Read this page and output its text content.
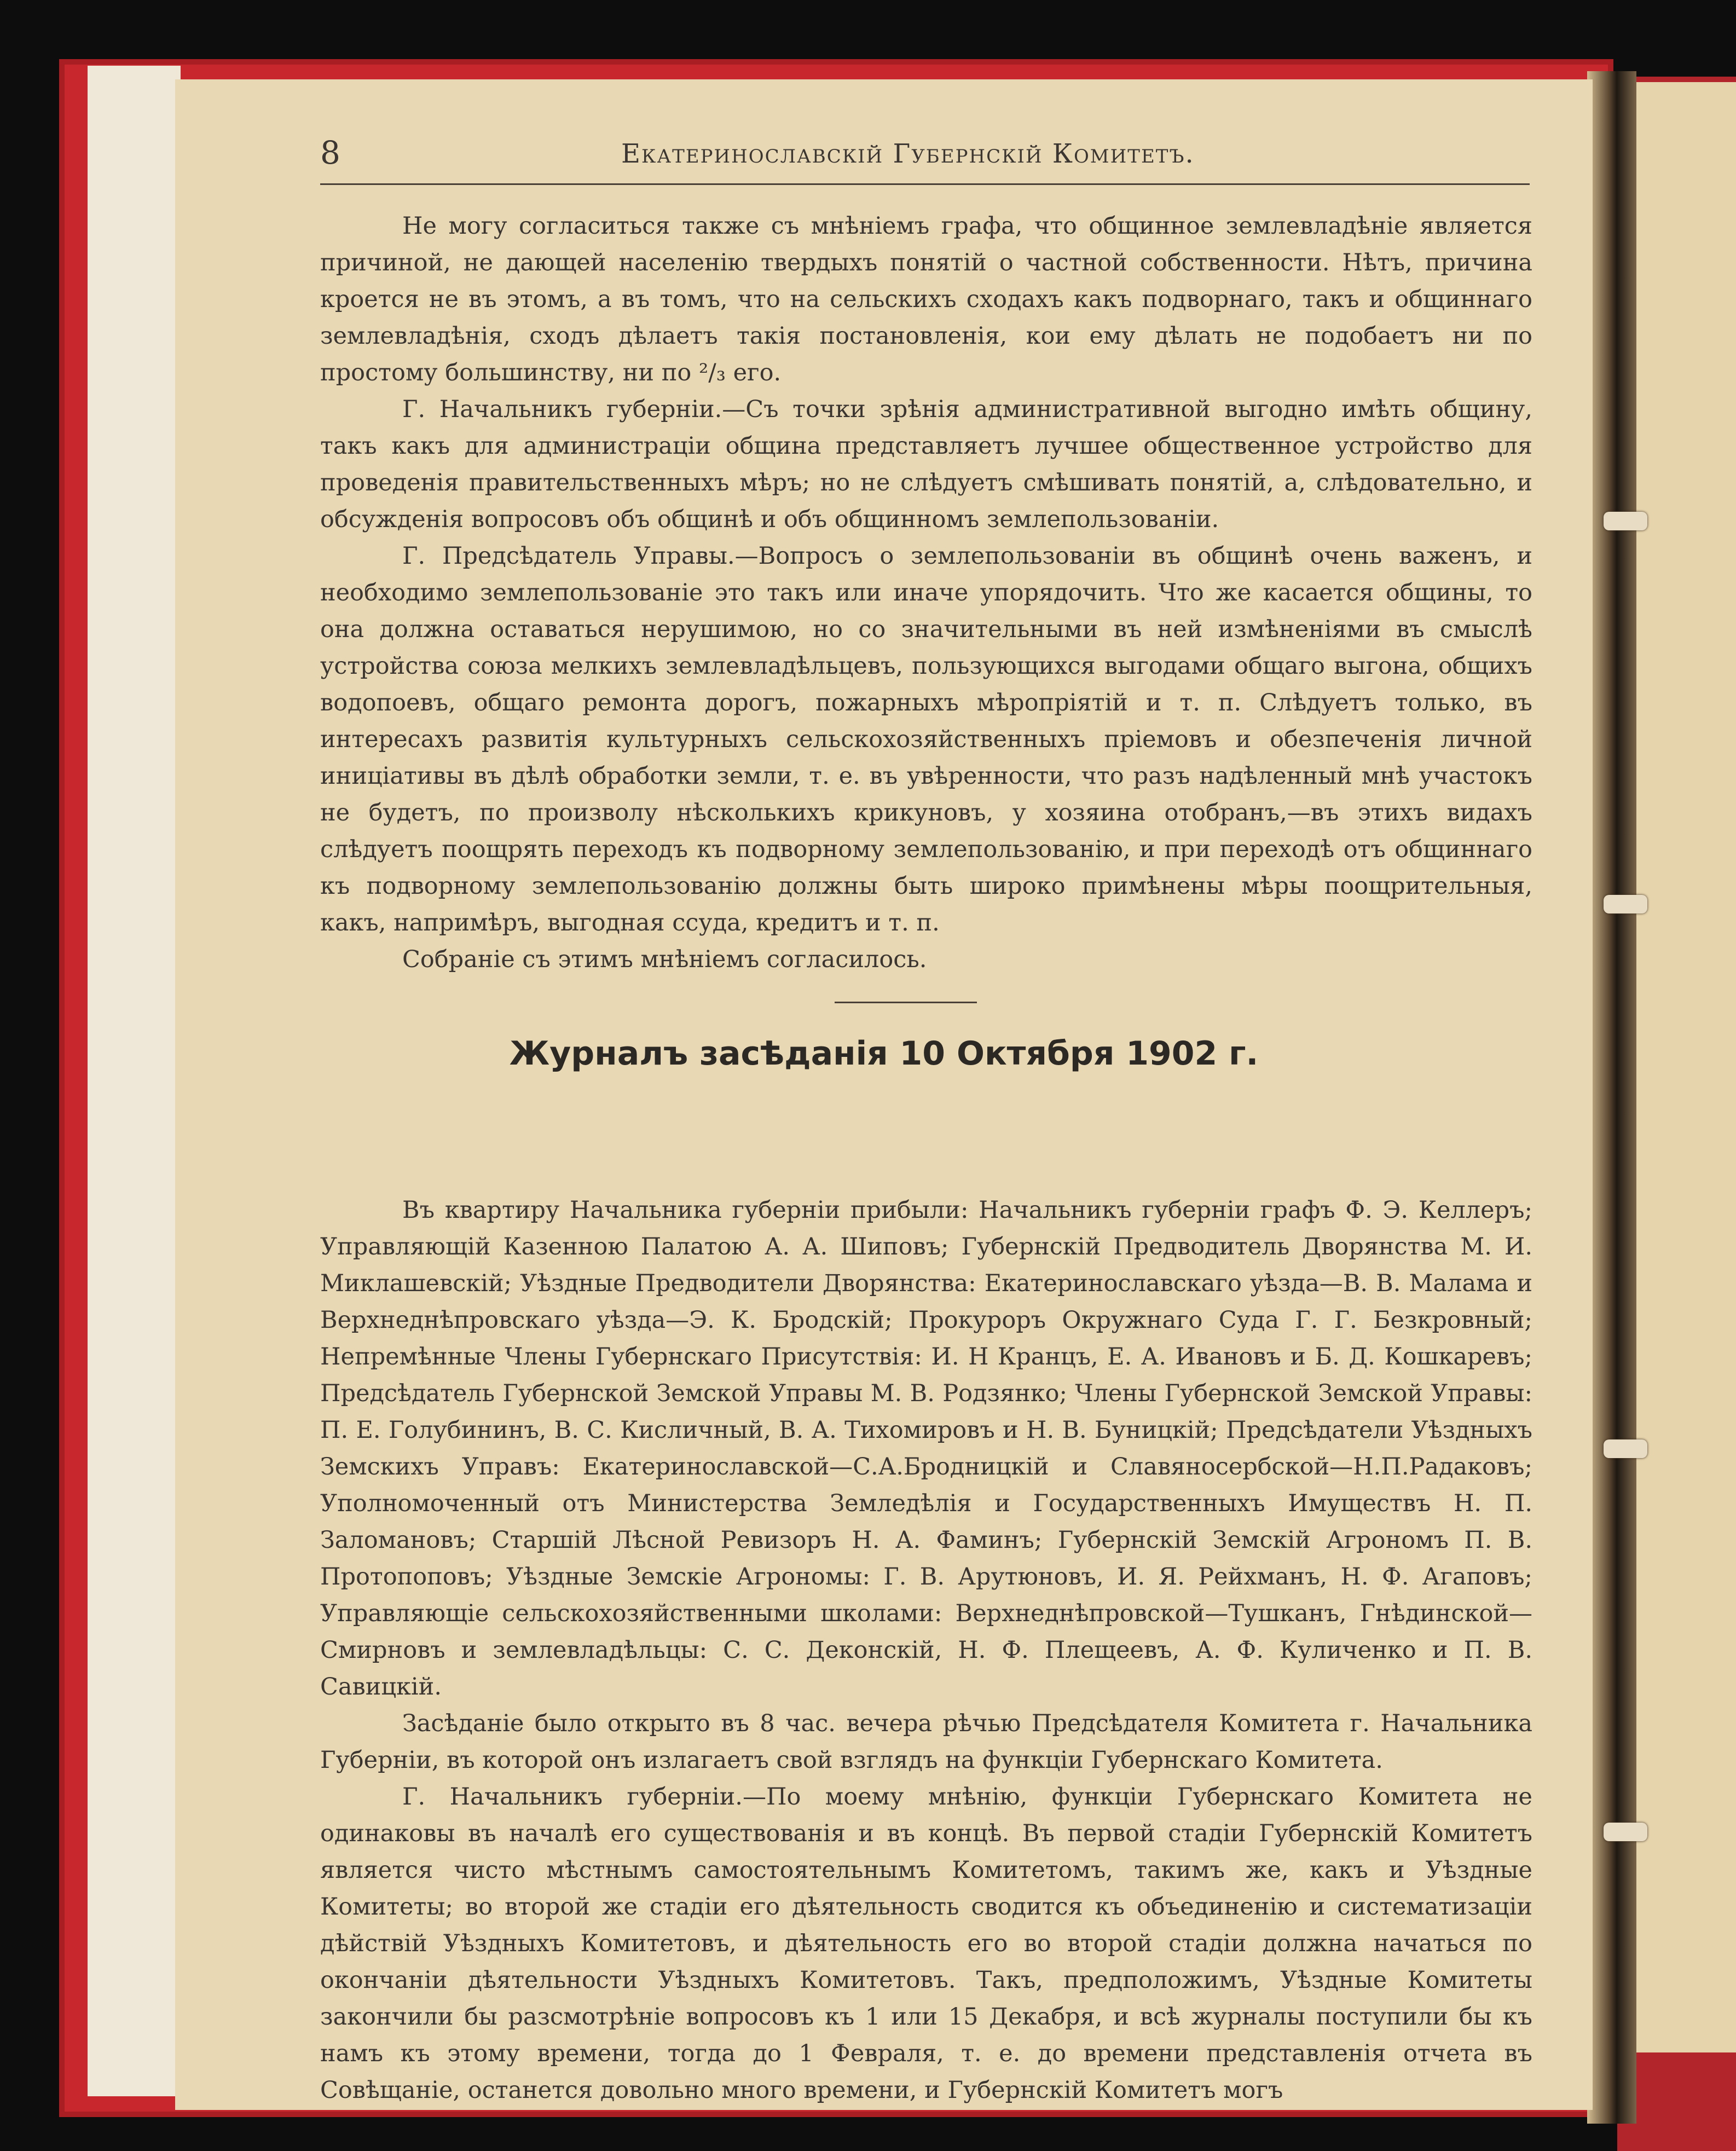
8	Екатеринославскій Губернскій Комитетъ.

Не могу согласиться также съ мнѣніемъ графа, что общинное землевладѣніе является причиной, не дающей населенію твердыхъ понятій о частной собственности. Нѣтъ, причина кроется не въ этомъ, а въ томъ, что на сельскихъ сходахъ какъ подворнаго, такъ и общиннаго землевладѣнія, сходъ дѣлаетъ такія постановленія, кои ему дѣлать не подобаетъ ни по простому большинству, ни по ²/₃ его.

Г. Начальникъ губерніи.—Съ точки зрѣнія административной выгодно имѣть общину, такъ какъ для администраціи община представляетъ лучшее общественное устройство для проведенія правительственныхъ мѣръ; но не слѣдуетъ смѣшивать понятій, а, слѣдовательно, и обсужденія вопросовъ объ общинѣ и объ общинномъ землепользованіи.

Г. Предсѣдатель Управы.—Вопросъ о землепользованіи въ общинѣ очень важенъ, и необходимо землепользованіе это такъ или иначе упорядочить. Что же касается общины, то она должна оставаться нерушимою, но со значительными въ ней измѣненіями въ смыслѣ устройства союза мелкихъ землевладѣльцевъ, пользующихся выгодами общаго выгона, общихъ водопоевъ, общаго ремонта дорогъ, пожарныхъ мѣропріятій и т. п. Слѣдуетъ только, въ интересахъ развитія культурныхъ сельскохозяйственныхъ пріемовъ и обезпеченія личной иниціативы въ дѣлѣ обработки земли, т. е. въ увѣренности, что разъ надѣленный мнѣ участокъ не будетъ, по произволу нѣсколькихъ крикуновъ, у хозяина отобранъ,—въ этихъ видахъ слѣдуетъ поощрять переходъ къ подворному землепользованію, и при переходѣ отъ общиннаго къ подворному землепользованію должны быть широко примѣнены мѣры поощрительныя, какъ, напримѣръ, выгодная ссуда, кредитъ и т. п.

Собраніе съ этимъ мнѣніемъ согласилось.

Журналъ засѣданія 10 Октября 1902 г.

Въ квартиру Начальника губерніи прибыли: Начальникъ губерніи графъ Ф. Э. Келлеръ; Управляющій Казенною Палатою А. А. Шиповъ; Губернскій Предводитель Дворянства М. И. Миклашевскій; Уѣздные Предводители Дворянства: Екатеринославскаго уѣзда—В. В. Малама и Верхнеднѣпровскаго уѣзда—Э. К. Бродскій; Прокуроръ Окружнаго Суда Г. Г. Безкровный; Непремѣнные Члены Губернскаго Присутствія: И. Н Кранцъ, Е. А. Ивановъ и Б. Д. Кошкаревъ; Предсѣдатель Губернской Земской Управы М. В. Родзянко; Члены Губернской Земской Управы: П. Е. Голубининъ, В. С. Кисличный, В. А. Тихомировъ и Н. В. Буницкій; Предсѣдатели Уѣздныхъ Земскихъ Управъ: Екатеринославской—С.А.Бродницкій и Славяносербской—Н.П.Радаковъ; Уполномоченный отъ Министерства Земледѣлія и Государственныхъ Имуществъ Н. П. Заломановъ; Старшій Лѣсной Ревизоръ Н. А. Фаминъ; Губернскій Земскій Агрономъ П. В. Протопоповъ; Уѣздные Земскіе Агрономы: Г. В. Арутюновъ, И. Я. Рейхманъ, Н. Ф. Агаповъ; Управляющіе сельскохозяйственными школами: Верхнеднѣпровской—Тушканъ, Гнѣдинской—Смирновъ и землевладѣльцы: С. С. Деконскій, Н. Ф. Плещеевъ, А. Ф. Куличенко и П. В. Савицкій.

Засѣданіе было открыто въ 8 час. вечера рѣчью Предсѣдателя Комитета г. Начальника Губерніи, въ которой онъ излагаетъ свой взглядъ на функціи Губернскаго Комитета.

Г. Начальникъ губерніи.—По моему мнѣнію, функціи Губернскаго Комитета не одинаковы въ началѣ его существованія и въ концѣ. Въ первой стадіи Губернскій Комитетъ является чисто мѣстнымъ самостоятельнымъ Комитетомъ, такимъ же, какъ и Уѣздные Комитеты; во второй же стадіи его дѣятельность сводится къ объединенію и систематизаціи дѣйствій Уѣздныхъ Комитетовъ, и дѣятельность его во второй стадіи должна начаться по окончаніи дѣятельности Уѣздныхъ Комитетовъ. Такъ, предположимъ, Уѣздные Комитеты закончили бы разсмотрѣніе вопросовъ къ 1 или 15 Декабря, и всѣ журналы поступили бы къ намъ къ этому времени, тогда до 1 Февраля, т. е. до времени представленія отчета въ Совѣщаніе, останется довольно много времени, и Губернскій Комитетъ могъ
